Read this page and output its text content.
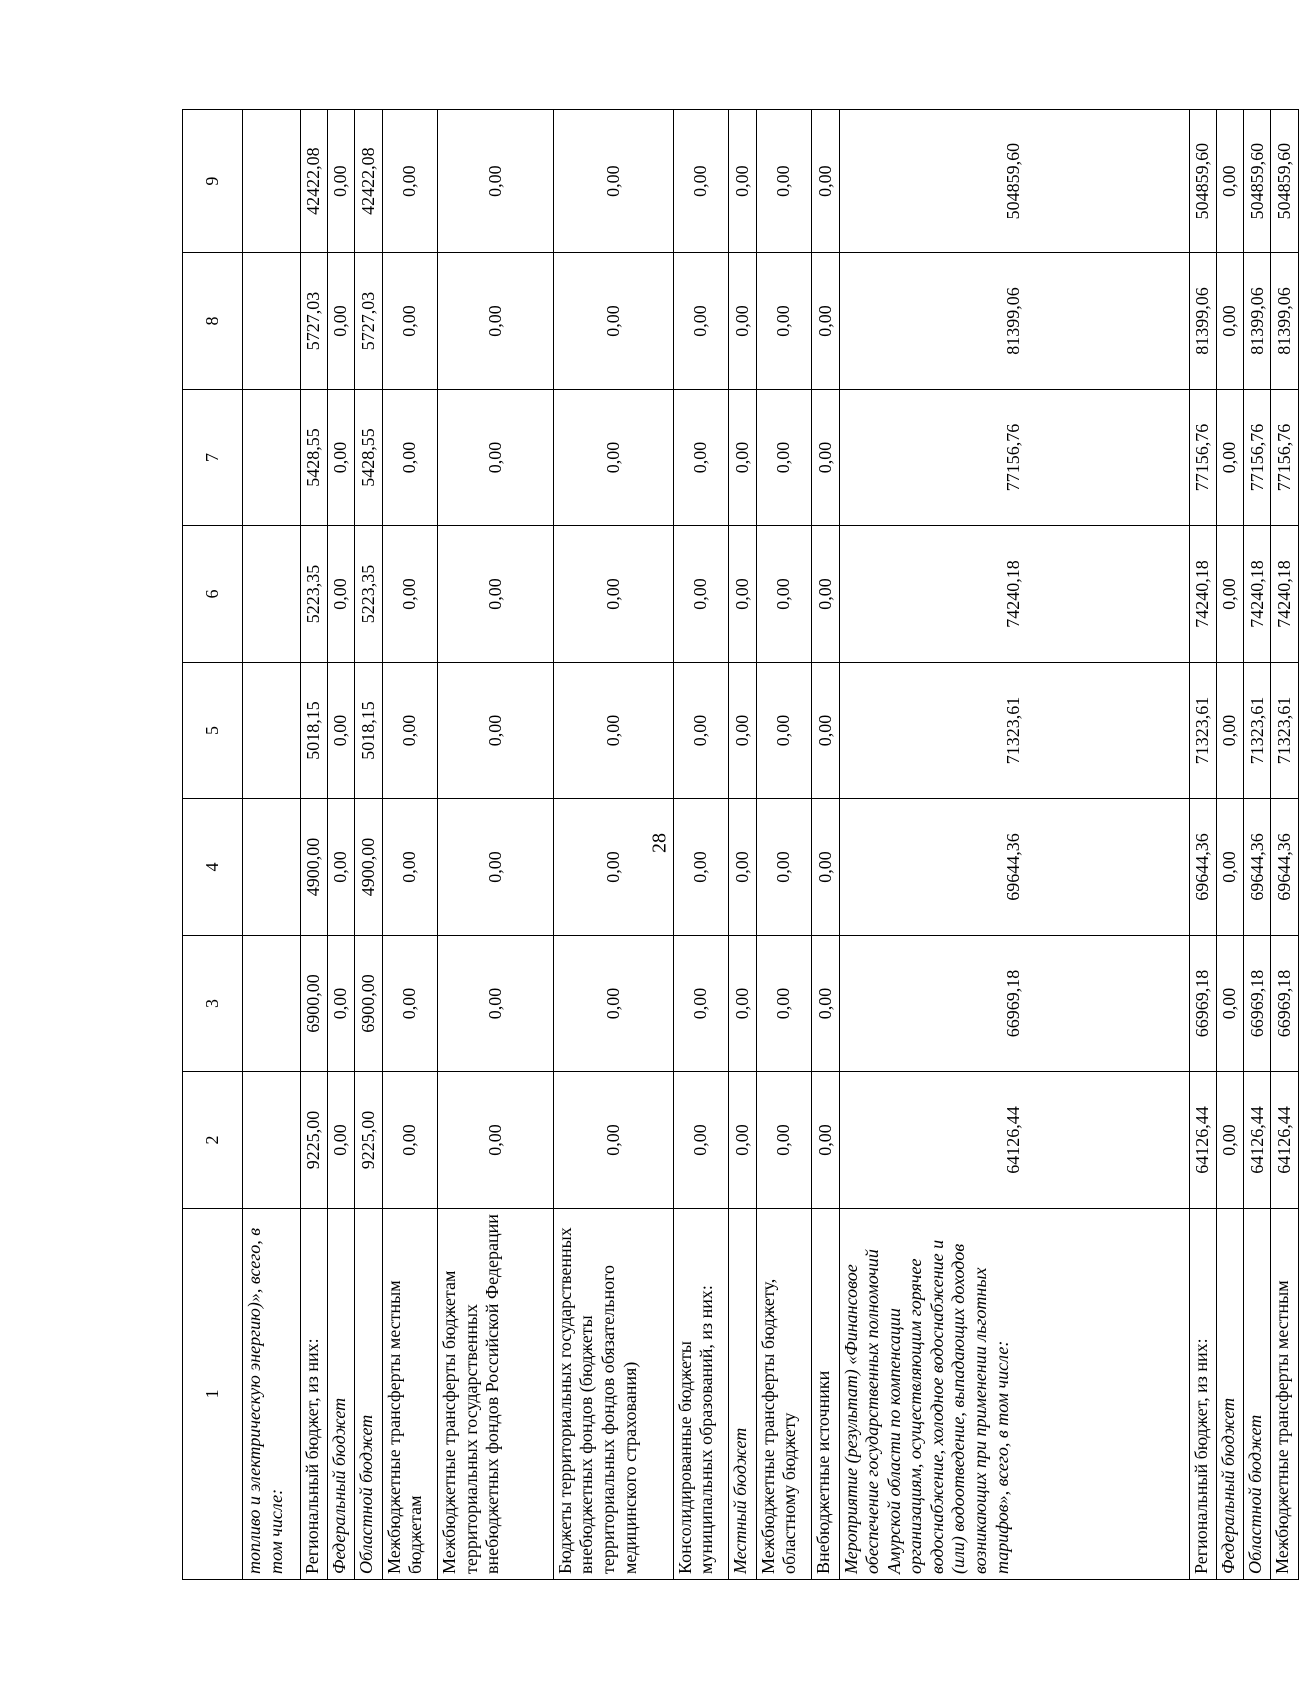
28
1	2	3	4	5	6	7	8	9
топливо и электрическую энергию)», всего, в том числе:								
Региональный бюджет, из них:	9225,00	6900,00	4900,00	5018,15	5223,35	5428,55	5727,03	42422,08
Федеральный бюджет	0,00	0,00	0,00	0,00	0,00	0,00	0,00	0,00
Областной бюджет	9225,00	6900,00	4900,00	5018,15	5223,35	5428,55	5727,03	42422,08
Межбюджетные трансферты местным бюджетам	0,00	0,00	0,00	0,00	0,00	0,00	0,00	0,00
Межбюджетные трансферты бюджетам территориальных государственных внебюджетных фондов Российской Федерации	0,00	0,00	0,00	0,00	0,00	0,00	0,00	0,00
Бюджеты территориальных государственных внебюджетных фондов (бюджеты территориальных фондов обязательного медицинского страхования)	0,00	0,00	0,00	0,00	0,00	0,00	0,00	0,00
Консолидированные бюджеты муниципальных образований, из них:	0,00	0,00	0,00	0,00	0,00	0,00	0,00	0,00
Местный бюджет	0,00	0,00	0,00	0,00	0,00	0,00	0,00	0,00
Межбюджетные трансферты бюджету, областному бюджету	0,00	0,00	0,00	0,00	0,00	0,00	0,00	0,00
Внебюджетные источники	0,00	0,00	0,00	0,00	0,00	0,00	0,00	0,00
Мероприятие (результат) «Финансовое обеспечение государственных полномочий Амурской области по компенсации организациям, осуществляющим горячее водоснабжение, холодное водоснабжение и (или) водоотведение, выпадающих доходов возникающих при применении льготных тарифов», всего, в том числе:	64126,44	66969,18	69644,36	71323,61	74240,18	77156,76	81399,06	504859,60
Региональный бюджет, из них:	64126,44	66969,18	69644,36	71323,61	74240,18	77156,76	81399,06	504859,60
Федеральный бюджет	0,00	0,00	0,00	0,00	0,00	0,00	0,00	0,00
Областной бюджет	64126,44	66969,18	69644,36	71323,61	74240,18	77156,76	81399,06	504859,60
Межбюджетные трансферты местным	64126,44	66969,18	69644,36	71323,61	74240,18	77156,76	81399,06	504859,60
